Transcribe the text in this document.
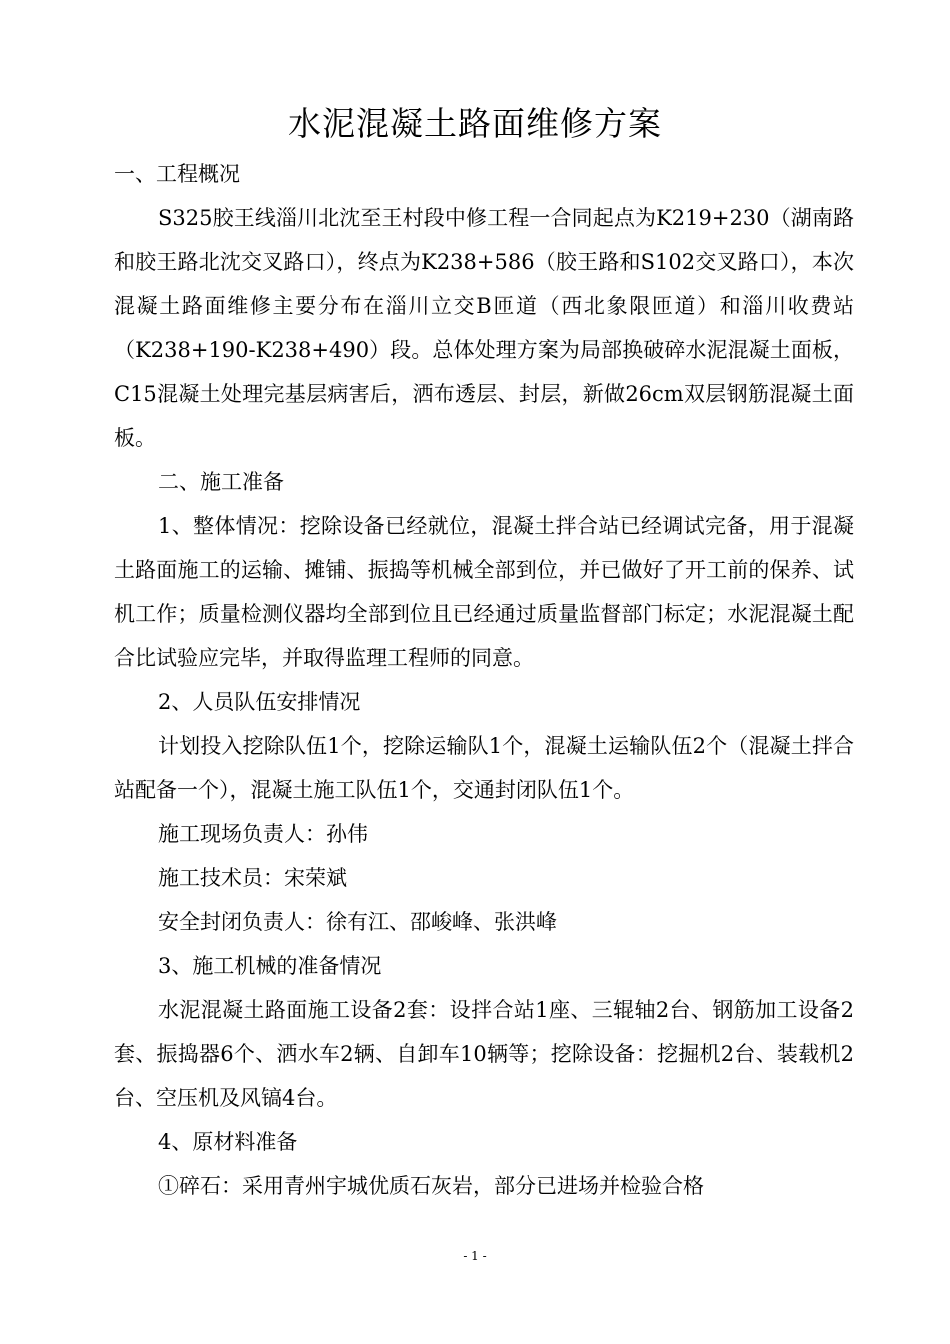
水泥混凝土路面维修方案

一、工程概况

S325胶王线淄川北沈至王村段中修工程一合同起点为K219+230（湖南路和胶王路北沈交叉路口），终点为K238+586（胶王路和S102交叉路口），本次混凝土路面维修主要分布在淄川立交B匝道（西北象限匝道）和淄川收费站（K238+190-K238+490）段。总体处理方案为局部换破碎水泥混凝土面板，C15混凝土处理完基层病害后，洒布透层、封层，新做26cm双层钢筋混凝土面板。

二、施工准备

1、整体情况：挖除设备已经就位，混凝土拌合站已经调试完备，用于混凝土路面施工的运输、摊铺、振捣等机械全部到位，并已做好了开工前的保养、试机工作；质量检测仪器均全部到位且已经通过质量监督部门标定；水泥混凝土配合比试验应完毕，并取得监理工程师的同意。

2、人员队伍安排情况

计划投入挖除队伍1个，挖除运输队1个，混凝土运输队伍2个（混凝土拌合站配备一个），混凝土施工队伍1个，交通封闭队伍1个。

施工现场负责人：孙伟

施工技术员：宋荣斌

安全封闭负责人：徐有江、邵峻峰、张洪峰

3、施工机械的准备情况

水泥混凝土路面施工设备2套：设拌合站1座、三辊轴2台、钢筋加工设备2套、振捣器6个、洒水车2辆、自卸车10辆等；挖除设备：挖掘机2台、装载机2台、空压机及风镐4台。

4、原材料准备

①碎石：采用青州宇城优质石灰岩，部分已进场并检验合格

- 1 -
